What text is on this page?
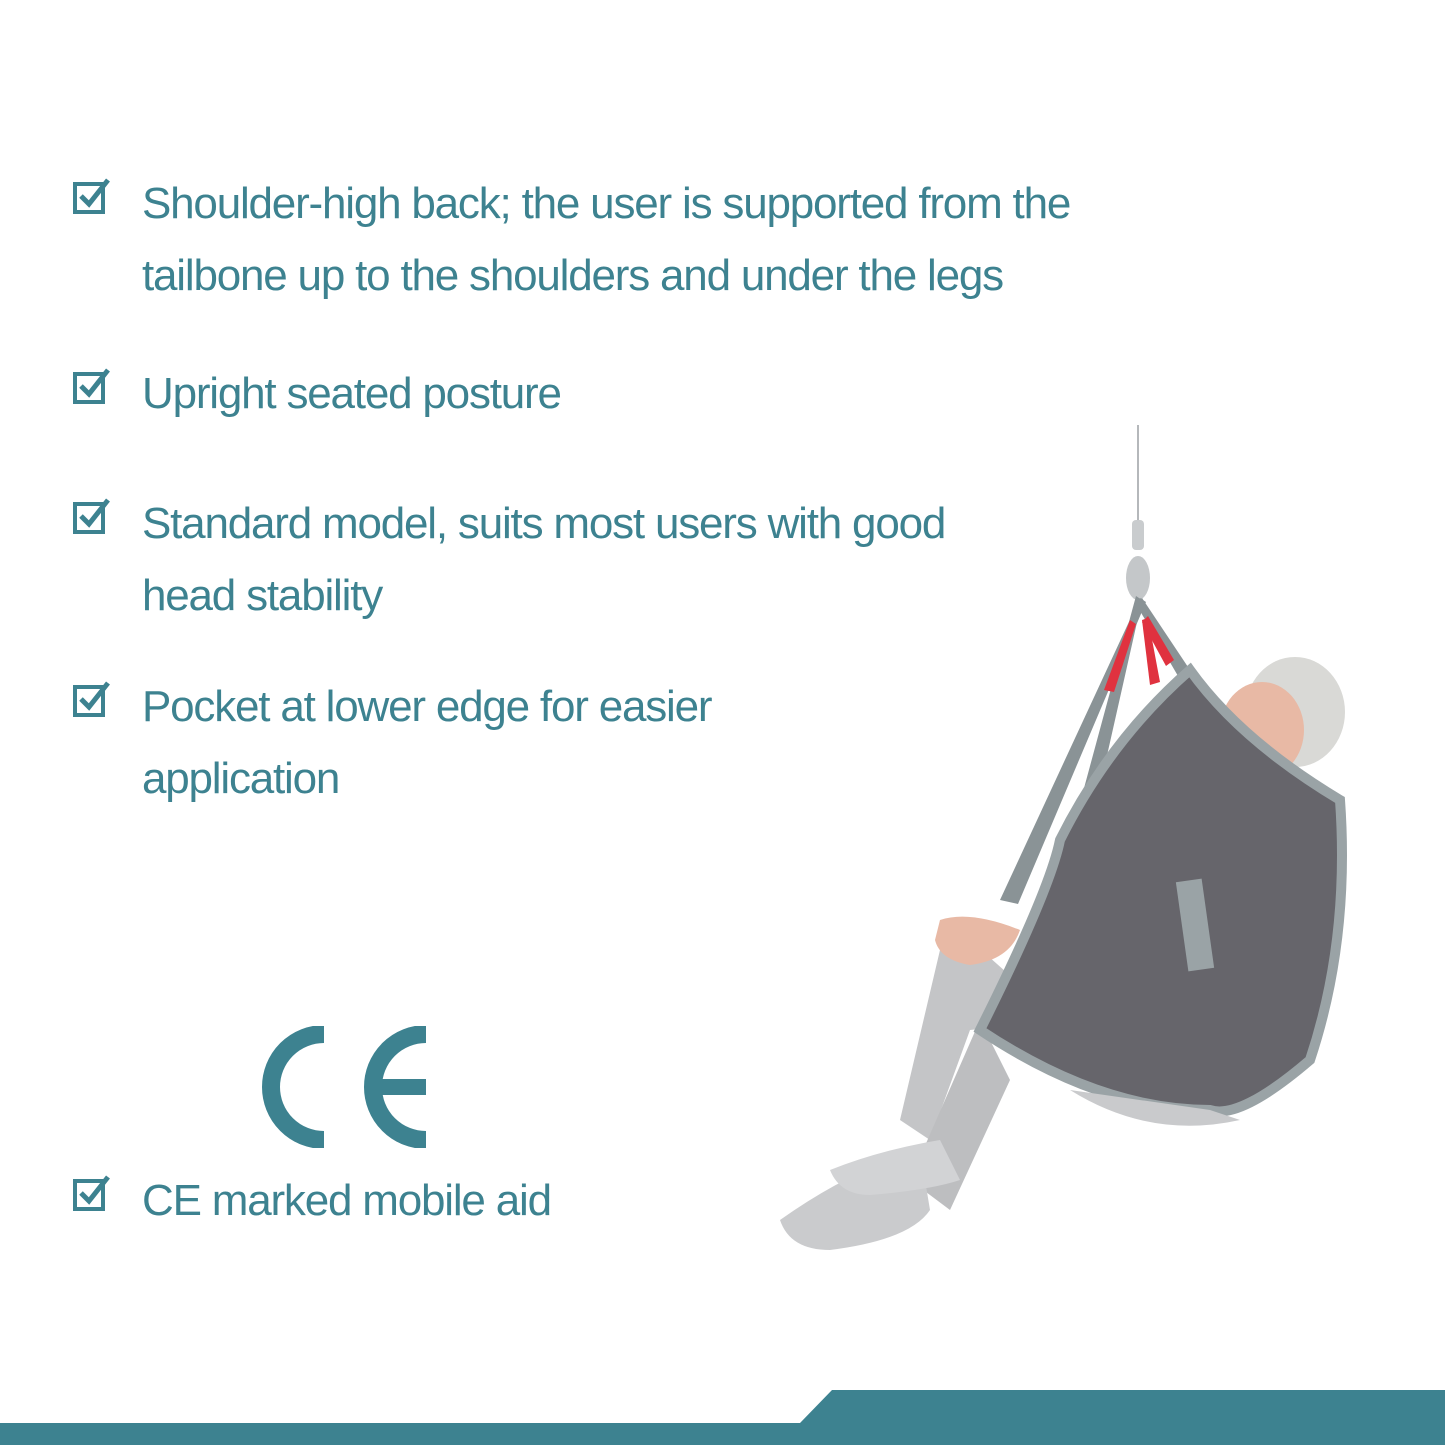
Shoulder-high back; the user is supported from the
tailbone up to the shoulders and under the legs
Upright seated posture
Standard model, suits most users with good
head stability
Pocket at lower edge for easier
application
CE marked mobile aid
